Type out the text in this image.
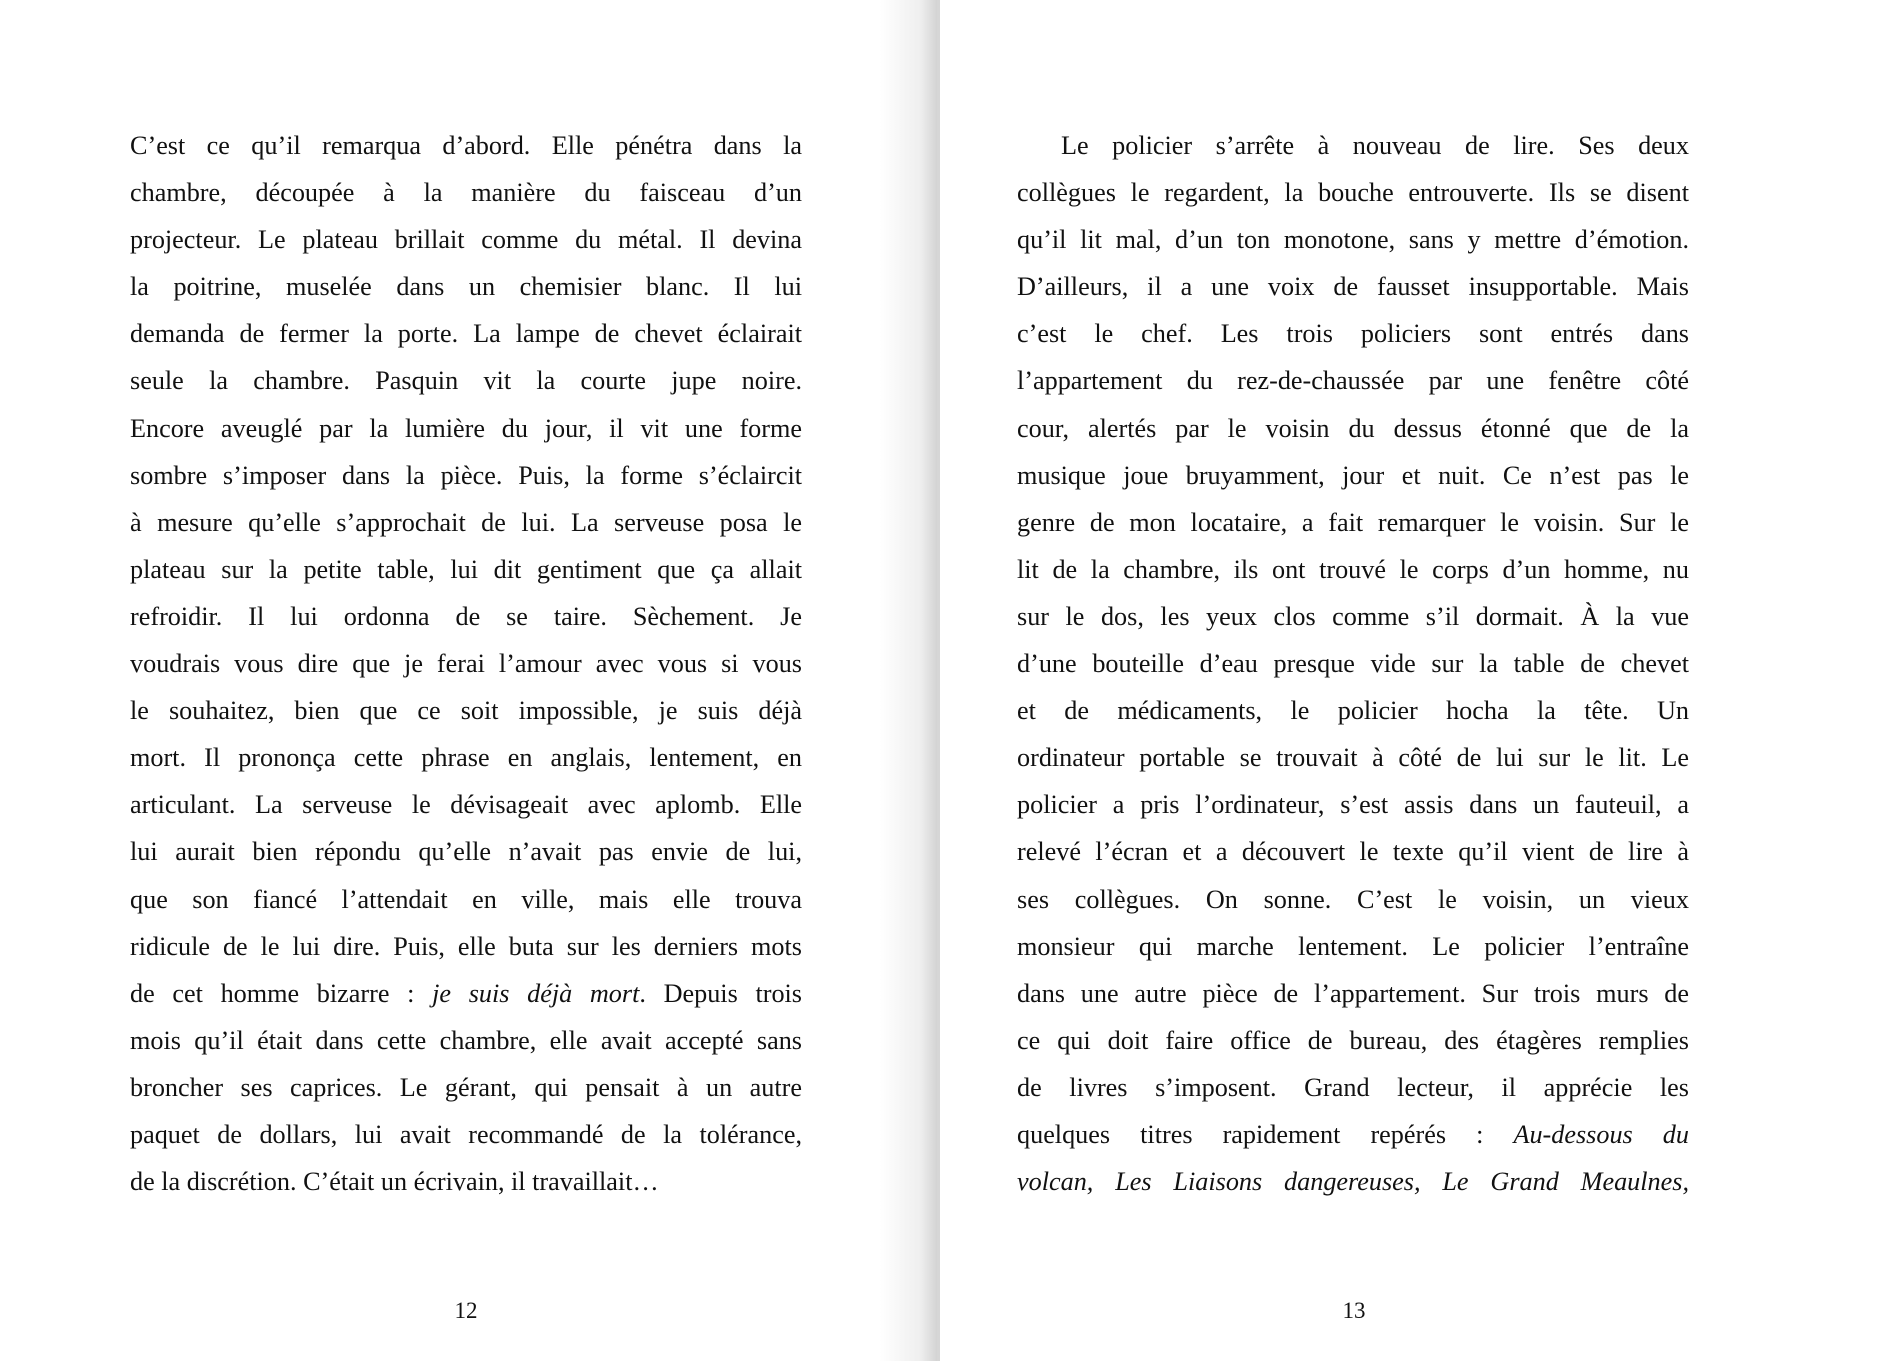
C’est ce qu’il remarqua d’abord. Elle pénétra dans la
chambre, découpée à la manière du faisceau d’un
projecteur. Le plateau brillait comme du métal. Il devina
la poitrine, muselée dans un chemisier blanc. Il lui
demanda de fermer la porte. La lampe de chevet éclairait
seule la chambre. Pasquin vit la courte jupe noire.
Encore aveuglé par la lumière du jour, il vit une forme
sombre s’imposer dans la pièce. Puis, la forme s’éclaircit
à mesure qu’elle s’approchait de lui. La serveuse posa le
plateau sur la petite table, lui dit gentiment que ça allait
refroidir. Il lui ordonna de se taire. Sèchement. Je
voudrais vous dire que je ferai l’amour avec vous si vous
le souhaitez, bien que ce soit impossible, je suis déjà
mort. Il prononça cette phrase en anglais, lentement, en
articulant. La serveuse le dévisageait avec aplomb. Elle
lui aurait bien répondu qu’elle n’avait pas envie de lui,
que son fiancé l’attendait en ville, mais elle trouva
ridicule de le lui dire. Puis, elle buta sur les derniers mots
de cet homme bizarre : je suis déjà mort. Depuis trois
mois qu’il était dans cette chambre, elle avait accepté sans
broncher ses caprices. Le gérant, qui pensait à un autre
paquet de dollars, lui avait recommandé de la tolérance,
de la discrétion. C’était un écrivain, il travaillait…
12
Le policier s’arrête à nouveau de lire. Ses deux
collègues le regardent, la bouche entrouverte. Ils se disent
qu’il lit mal, d’un ton monotone, sans y mettre d’émotion.
D’ailleurs, il a une voix de fausset insupportable. Mais
c’est le chef. Les trois policiers sont entrés dans
l’appartement du rez-de-chaussée par une fenêtre côté
cour, alertés par le voisin du dessus étonné que de la
musique joue bruyamment, jour et nuit. Ce n’est pas le
genre de mon locataire, a fait remarquer le voisin. Sur le
lit de la chambre, ils ont trouvé le corps d’un homme, nu
sur le dos, les yeux clos comme s’il dormait. À la vue
d’une bouteille d’eau presque vide sur la table de chevet
et de médicaments, le policier hocha la tête. Un
ordinateur portable se trouvait à côté de lui sur le lit. Le
policier a pris l’ordinateur, s’est assis dans un fauteuil, a
relevé l’écran et a découvert le texte qu’il vient de lire à
ses collègues. On sonne. C’est le voisin, un vieux
monsieur qui marche lentement. Le policier l’entraîne
dans une autre pièce de l’appartement. Sur trois murs de
ce qui doit faire office de bureau, des étagères remplies
de livres s’imposent. Grand lecteur, il apprécie les
quelques titres rapidement repérés : Au-dessous du
volcan, Les Liaisons dangereuses, Le Grand Meaulnes,
13
